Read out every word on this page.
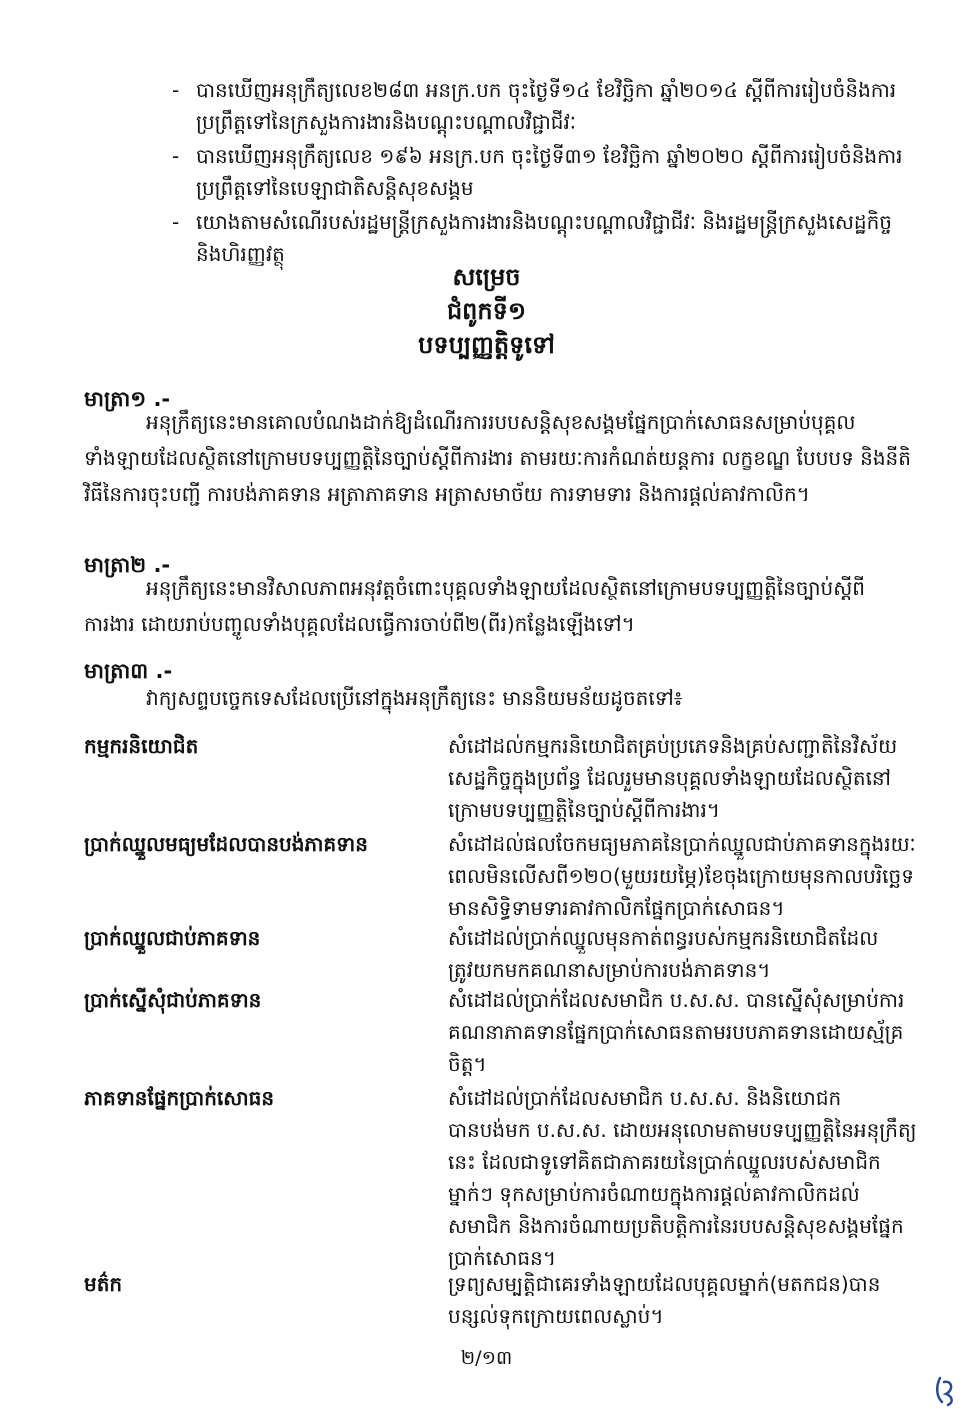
- បានឃើញអនុក្រឹត្យលេខ២៨៣ អនក្រ.បក ចុះថ្ងៃទី១៤ ខែវិច្ឆិកា ឆ្នាំ២០១៤ ស្តីពីការរៀបចំនិងការប្រព្រឹត្តទៅនៃក្រសួងការងារនិងបណ្តុះបណ្តាលវិជ្ជាជីវៈ
- បានឃើញអនុក្រឹត្យលេខ ១៩៦ អនក្រ.បក ចុះថ្ងៃទី៣១ ខែវិច្ឆិកា ឆ្នាំ២០២០ ស្តីពីការរៀបចំនិងការប្រព្រឹត្តទៅនៃបេឡាជាតិសន្តិសុខសង្គម
- យោងតាមសំណើរបស់រដ្ឋមន្ត្រីក្រសួងការងារនិងបណ្តុះបណ្តាលវិជ្ជាជីវៈ និងរដ្ឋមន្ត្រីក្រសួងសេដ្ឋកិច្ចនិងហិរញ្ញវត្ថុ
សម្រេច
ជំពូកទី១
បទប្បញ្ញត្តិទូទៅ
មាត្រា១ .-
អនុក្រឹត្យនេះមានគោលបំណងដាក់ឱ្យដំណើរការរបបសន្តិសុខសង្គមផ្នែកប្រាក់សោធនសម្រាប់បុគ្គលទាំងឡាយដែលស្ថិតនៅក្រោមបទប្បញ្ញត្តិនៃច្បាប់ស្តីពីការងារ តាមរយៈការកំណត់យន្តការ លក្ខខណ្ឌ បែបបទ និងនីតិវិធីនៃការចុះបញ្ជី ការបង់ភាគទាន អត្រាភាគទាន អត្រាសមាច័យ ការទាមទារ និងការផ្តល់គាវកាលិក។
មាត្រា២ .-
អនុក្រឹត្យនេះមានវិសាលភាពអនុវត្តចំពោះបុគ្គលទាំងឡាយដែលស្ថិតនៅក្រោមបទប្បញ្ញត្តិនៃច្បាប់ស្តីពីការងារ ដោយរាប់បញ្ចូលទាំងបុគ្គលដែលធ្វើការចាប់ពី២(ពីរ)កន្លែងឡើងទៅ។
មាត្រា៣ .-
វាក្យសព្ទបច្ចេកទេសដែលប្រើនៅក្នុងអនុក្រឹត្យនេះ មាននិយមន័យដូចតទៅ៖
កម្មករនិយោជិត	សំដៅដល់កម្មករនិយោជិតគ្រប់ប្រភេទនិងគ្រប់សញ្ជាតិនៃវិស័យសេដ្ឋកិច្ចក្នុងប្រព័ន្ធ ដែលរួមមានបុគ្គលទាំងឡាយដែលស្ថិតនៅក្រោមបទប្បញ្ញត្តិនៃច្បាប់ស្តីពីការងារ។
ប្រាក់ឈ្នួលមធ្យមដែលបានបង់ភាគទាន	សំដៅដល់ផលចែកមធ្យមភាគនៃប្រាក់ឈ្នួលជាប់ភាគទានក្នុងរយៈពេលមិនលើសពី១២០(មួយរយម្ភៃ)ខែចុងក្រោយមុនកាលបរិច្ឆេទមានសិទ្ធិទាមទារគាវកាលិកផ្នែកប្រាក់សោធន។
ប្រាក់ឈ្នួលជាប់ភាគទាន	សំដៅដល់ប្រាក់ឈ្នួលមុនកាត់ពន្ធរបស់កម្មករនិយោជិតដែលត្រូវយកមកគណនាសម្រាប់ការបង់ភាគទាន។
ប្រាក់ស្នើសុំជាប់ភាគទាន	សំដៅដល់ប្រាក់ដែលសមាជិក ប.ស.ស. បានស្នើសុំសម្រាប់ការគណនាភាគទានផ្នែកប្រាក់សោធនតាមរបបភាគទានដោយស្ម័គ្រចិត្ត។
ភាគទានផ្នែកប្រាក់សោធន	សំដៅដល់ប្រាក់ដែលសមាជិក ប.ស.ស. និងនិយោជកបានបង់មក ប.ស.ស. ដោយអនុលោមតាមបទប្បញ្ញត្តិនៃអនុក្រឹត្យនេះ ដែលជាទូទៅគិតជាភាគរយនៃប្រាក់ឈ្នួលរបស់សមាជិកម្នាក់ៗ ទុកសម្រាប់ការចំណាយក្នុងការផ្តល់គាវកាលិកដល់សមាជិក និងការចំណាយប្រតិបត្តិការនៃរបបសន្តិសុខសង្គមផ្នែកប្រាក់សោធន។
មត៌ក	ទ្រព្យសម្បត្តិជាគេរទាំងឡាយដែលបុគ្គលម្នាក់(មតកជន)បានបន្សល់ទុកក្រោយពេលស្លាប់។
២/១៣
